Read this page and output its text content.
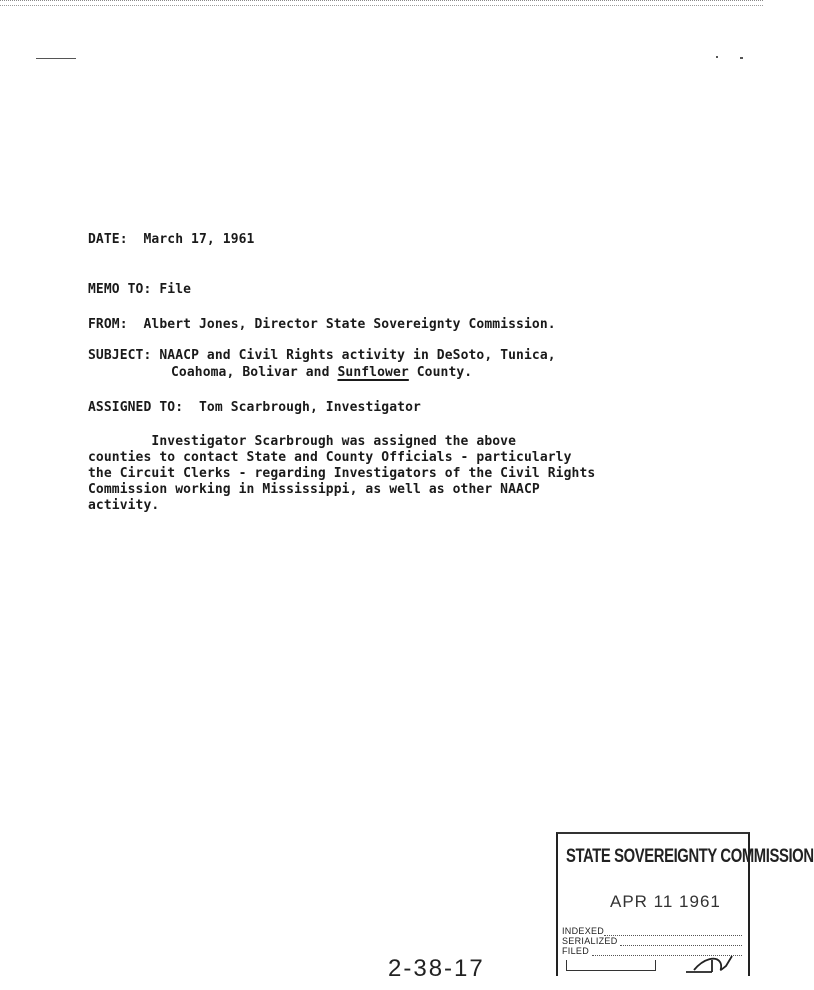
DATE: March 17, 1961
MEMO TO: File
FROM: Albert Jones, Director State Sovereignty Commission.
SUBJECT: NAACP and Civil Rights activity in DeSoto, Tunica,
Coahoma, Bolivar and Sunflower County.
ASSIGNED TO: Tom Scarbrough, Investigator
Investigator Scarbrough was assigned the above
counties to contact State and County Officials - particularly
the Circuit Clerks - regarding Investigators of the Civil Rights
Commission working in Mississippi, as well as other NAACP
activity.
STATE SOVEREIGNTY COMMISSION
APR 11 1961
INDEXED
SERIALIZED
FILED
2-38-17
